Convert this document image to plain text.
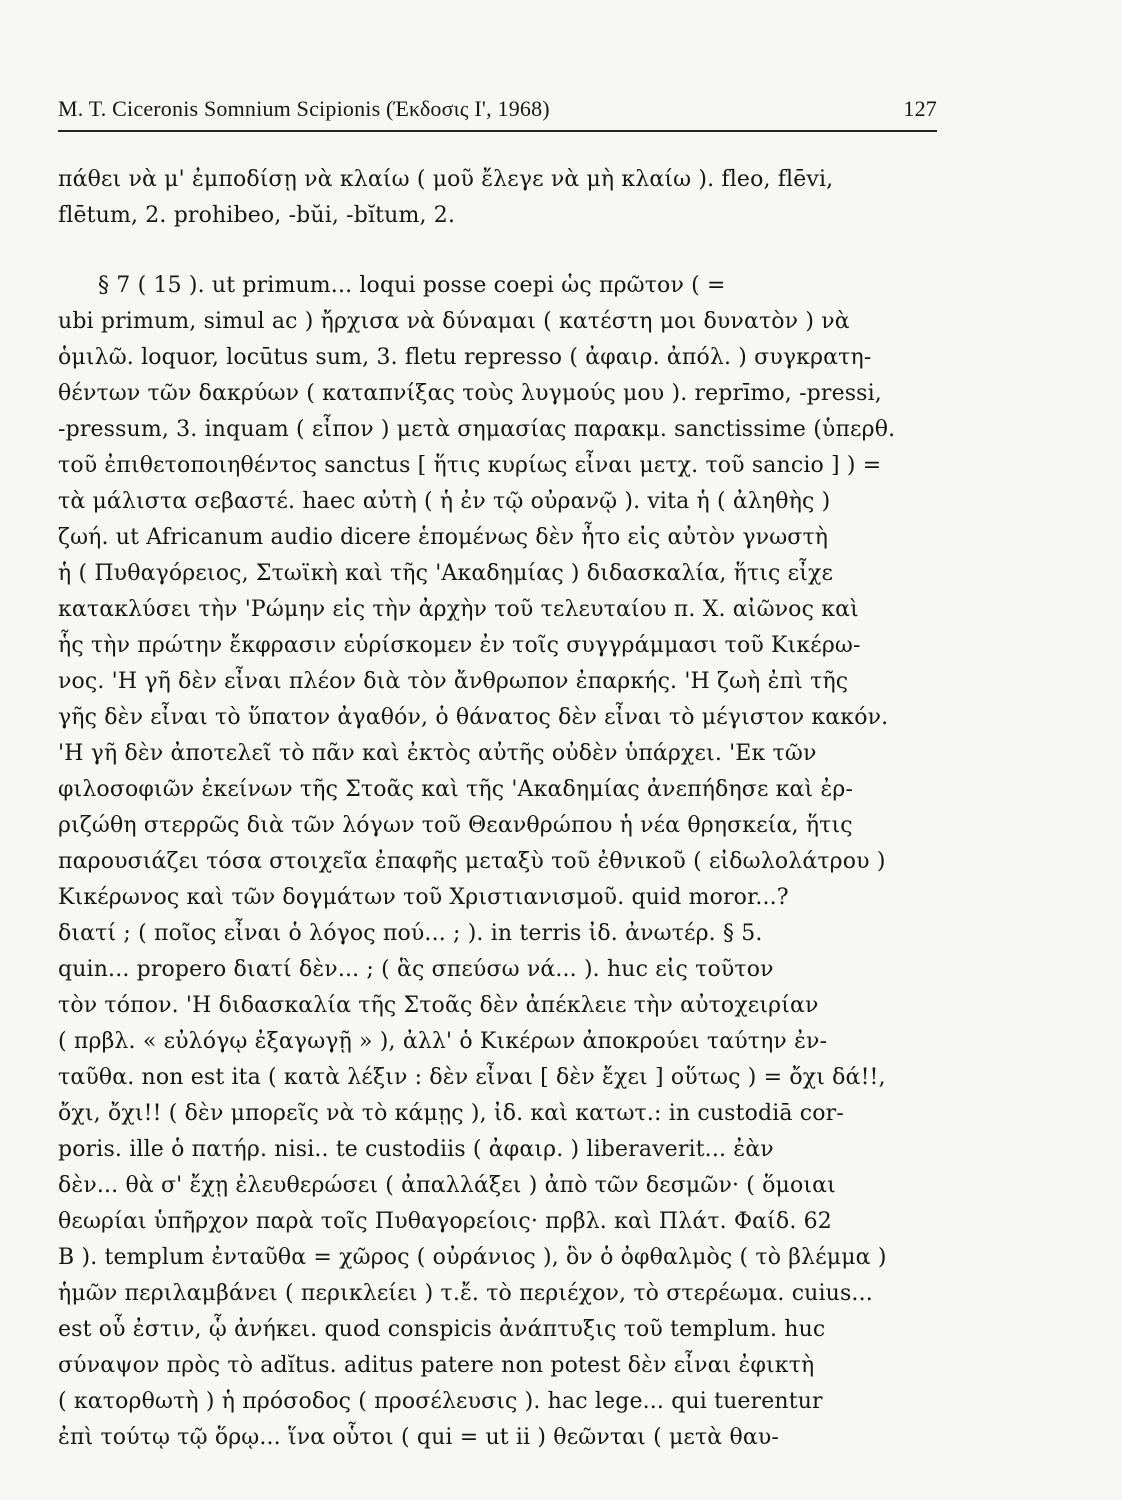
M. T. Ciceronis Somnium Scipionis (Έκδοσις Ι', 1968)	127
πάθει νὰ μ' ἐμποδίσῃ νὰ κλαίω ( μοῦ ἔλεγε νὰ μὴ κλαίω ). fleo, flēvi,
flētum, 2. prohibeo, -bŭi, -bĭtum, 2.
§ 7 ( 15 ). ut primum... loqui posse coepi ὡς πρῶτον ( =
ubi primum, simul ac ) ἤρχισα νὰ δύναμαι ( κατέστη μοι δυνατὸν ) νὰ
ὁμιλῶ. loquor, locūtus sum, 3. fletu represso ( ἀφαιρ. ἀπόλ. ) συγκρατη-
θέντων τῶν δακρύων ( καταπνίξας τοὺς λυγμούς μου ). reprīmo, -pressi,
-pressum, 3. inquam ( εἶπον ) μετὰ σημασίας παρακμ. sanctissime (ὑπερθ.
τοῦ ἐπιθετοποιηθέντος sanctus [ ἥτις κυρίως εἶναι μετχ. τοῦ sancio ] ) =
τὰ μάλιστα σεβαστέ. haec αὐτὴ ( ἡ ἐν τῷ οὐρανῷ ). vita ἡ ( ἀληθὴς )
ζωή. ut Africanum audio dicere ἑπομένως δὲν ἦτο εἰς αὐτὸν γνωστὴ
ἡ ( Πυθαγόρειος, Στωϊκὴ καὶ τῆς 'Ακαδημίας ) διδασκαλία, ἥτις εἶχε
κατακλύσει τὴν 'Ρώμην εἰς τὴν ἀρχὴν τοῦ τελευταίου π. Χ. αἰῶνος καὶ
ἧς τὴν πρώτην ἔκφρασιν εὑρίσκομεν ἐν τοῖς συγγράμμασι τοῦ Κικέρω-
νος. 'Η γῆ δὲν εἶναι πλέον διὰ τὸν ἄνθρωπον ἐπαρκής. 'Η ζωὴ ἐπὶ τῆς
γῆς δὲν εἶναι τὸ ὕπατον ἀγαθόν, ὁ θάνατος δὲν εἶναι τὸ μέγιστον κακόν.
'Η γῆ δὲν ἀποτελεῖ τὸ πᾶν καὶ ἐκτὸς αὐτῆς οὐδὲν ὑπάρχει. 'Εκ τῶν
φιλοσοφιῶν ἐκείνων τῆς Στοᾶς καὶ τῆς 'Ακαδημίας ἀνεπήδησε καὶ ἐρ-
ριζώθη στερρῶς διὰ τῶν λόγων τοῦ Θεανθρώπου ἡ νέα θρησκεία, ἥτις
παρουσιάζει τόσα στοιχεῖα ἐπαφῆς μεταξὺ τοῦ ἐθνικοῦ ( εἰδωλολάτρου )
Κικέρωνος καὶ τῶν δογμάτων τοῦ Χριστιανισμοῦ. quid moror...?
διατί ; ( ποῖος εἶναι ὁ λόγος πού... ; ). in terris ἰδ. ἀνωτέρ. § 5.
quin... propero διατί δὲν... ; ( ἃς σπεύσω νά... ). huc εἰς τοῦτον
τὸν τόπον. 'Η διδασκαλία τῆς Στοᾶς δὲν ἀπέκλειε τὴν αὐτοχειρίαν
( πρβλ. « εὐλόγῳ ἐξαγωγῇ » ), ἀλλ' ὁ Κικέρων ἀποκρούει ταύτην ἐν-
ταῦθα. non est ita ( κατὰ λέξιν : δὲν εἶναι [ δὲν ἔχει ] οὕτως ) = ὄχι δά!!,
ὄχι, ὄχι!! ( δὲν μπορεῖς νὰ τὸ κάμῃς ), ἰδ. καὶ κατωτ.: in custodiā cor-
poris. ille ὁ πατήρ. nisi.. te custodiis ( ἀφαιρ. ) liberaverit... ἐὰν
δὲν... θὰ σ' ἔχῃ ἐλευθερώσει ( ἀπαλλάξει ) ἀπὸ τῶν δεσμῶν· ( ὅμοιαι
θεωρίαι ὑπῆρχον παρὰ τοῖς Πυθαγορείοις· πρβλ. καὶ Πλάτ. Φαίδ. 62
Β ). templum ἐνταῦθα = χῶρος ( οὐράνιος ), ὃν ὁ ὀφθαλμὸς ( τὸ βλέμμα )
ἡμῶν περιλαμβάνει ( περικλείει ) τ.ἔ. τὸ περιέχον, τὸ στερέωμα. cuius...
est οὗ ἐστιν, ᾧ ἀνήκει. quod conspicis ἀνάπτυξις τοῦ templum. huc
σύναψον πρὸς τὸ adĭtus. aditus patere non potest δὲν εἶναι ἐφικτὴ
( κατορθωτὴ ) ἡ πρόσοδος ( προσέλευσις ). hac lege... qui tuerentur
ἐπὶ τούτῳ τῷ ὅρῳ... ἵνα οὗτοι ( qui = ut ii ) θεῶνται ( μετὰ θαυ-
